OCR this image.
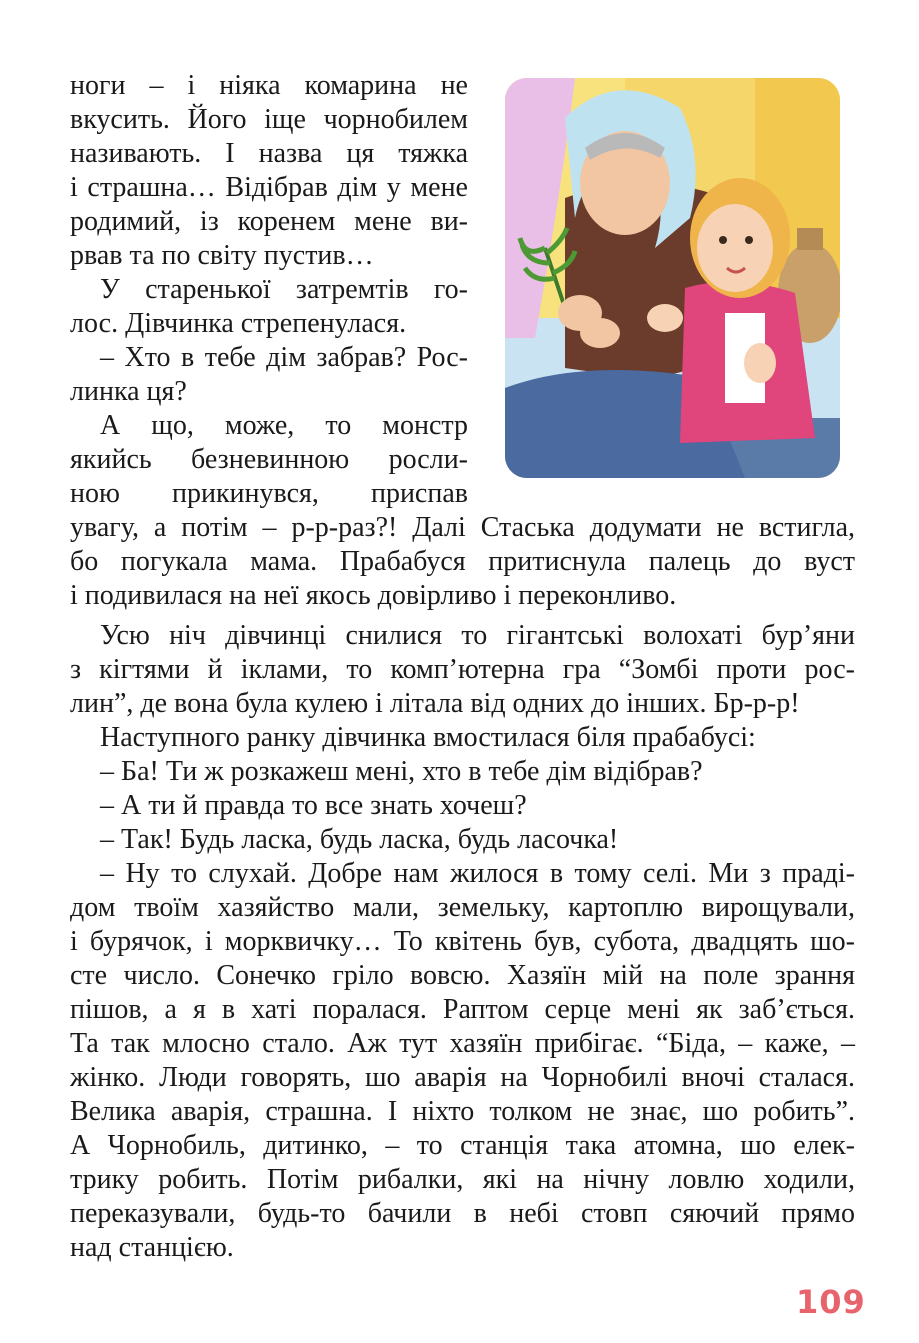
ноги – і ніяка комарина не
вкусить. Його іще чорнобилем
називають. І назва ця тяжка
і страшна… Відібрав дім у мене
родимий, із коренем мене ви-
рвав та по світу пустив…
У старенької затремтів го-
лос. Дівчинка стрепенулася.
– Хто в тебе дім забрав? Рос-
линка ця?
А що, може, то монстр
якийсь безневинною росли-
ною прикинувся, приспав
увагу, а потім – р-р-раз?! Далі Стаська додумати не встигла,
бо погукала мама. Прабабуся притиснула палець до вуст
і подивилася на неї якось довірливо і переконливо.
Усю ніч дівчинці снилися то гігантські волохаті бур’яни
з кігтями й іклами, то комп’ютерна гра “Зомбі проти рос-
лин”, де вона була кулею і літала від одних до інших. Бр-р-р!
Наступного ранку дівчинка вмостилася біля прабабусі:
– Ба! Ти ж розкажеш мені, хто в тебе дім відібрав?
– А ти й правда то все знать хочеш?
– Так! Будь ласка, будь ласка, будь ласочка!
– Ну то слухай. Добре нам жилося в тому селі. Ми з праді-
дом твоїм хазяйство мали, земельку, картоплю вирощували,
і бурячок, і морквичку… То квітень був, субота, двадцять шо-
сте число. Сонечко гріло вовсю. Хазяїн мій на поле зрання
пішов, а я в хаті поралася. Раптом серце мені як заб’ється.
Та так млосно стало. Аж тут хазяїн прибігає. “Біда, – каже, –
жінко. Люди говорять, шо аварія на Чорнобилі вночі сталася.
Велика аварія, страшна. І ніхто толком не знає, шо робить”.
А Чорнобиль, дитинко, – то станція така атомна, шо елек-
трику робить. Потім рибалки, які на нічну ловлю ходили,
переказували, будь-то бачили в небі стовп сяючий прямо
над станцією.
109
